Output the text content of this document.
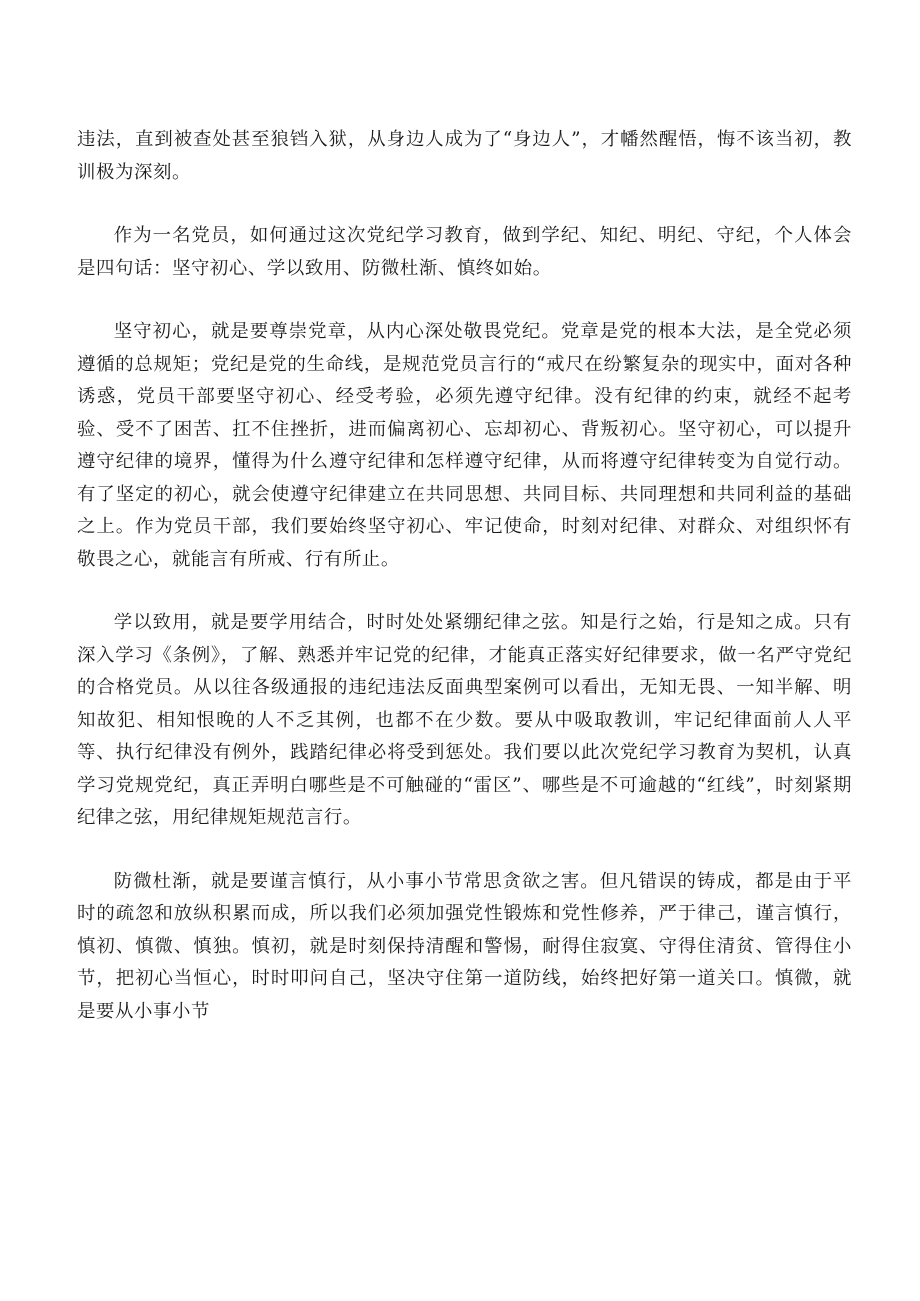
违法，直到被查处甚至狼铛入狱，从身边人成为了“身边人”，才幡然醒悟，悔不该当初，教训极为深刻。

作为一名党员，如何通过这次党纪学习教育，做到学纪、知纪、明纪、守纪，个人体会是四句话：坚守初心、学以致用、防微杜渐、慎终如始。

坚守初心，就是要尊崇党章，从内心深处敬畏党纪。党章是党的根本大法，是全党必须遵循的总规矩；党纪是党的生命线，是规范党员言行的“戒尺在纷繁复杂的现实中，面对各种诱惑，党员干部要坚守初心、经受考验，必须先遵守纪律。没有纪律的约束，就经不起考验、受不了困苦、扛不住挫折，进而偏离初心、忘却初心、背叛初心。坚守初心，可以提升遵守纪律的境界，懂得为什么遵守纪律和怎样遵守纪律，从而将遵守纪律转变为自觉行动。有了坚定的初心，就会使遵守纪律建立在共同思想、共同目标、共同理想和共同利益的基础之上。作为党员干部，我们要始终坚守初心、牢记使命，时刻对纪律、对群众、对组织怀有敬畏之心，就能言有所戒、行有所止。

学以致用，就是要学用结合，时时处处紧绷纪律之弦。知是行之始，行是知之成。只有深入学习《条例》，了解、熟悉并牢记党的纪律，才能真正落实好纪律要求，做一名严守党纪的合格党员。从以往各级通报的违纪违法反面典型案例可以看出，无知无畏、一知半解、明知故犯、相知恨晚的人不乏其例，也都不在少数。要从中吸取教训，牢记纪律面前人人平等、执行纪律没有例外，践踏纪律必将受到惩处。我们要以此次党纪学习教育为契机，认真学习党规党纪，真正弄明白哪些是不可触碰的“雷区”、哪些是不可逾越的“红线”，时刻紧期纪律之弦，用纪律规矩规范言行。

防微杜渐，就是要谨言慎行，从小事小节常思贪欲之害。但凡错误的铸成，都是由于平时的疏忽和放纵积累而成，所以我们必须加强党性锻炼和党性修养，严于律己，谨言慎行，慎初、慎微、慎独。慎初，就是时刻保持清醒和警惕，耐得住寂寞、守得住清贫、管得住小节，把初心当恒心，时时叩问自己，坚决守住第一道防线，始终把好第一道关口。慎微，就是要从小事小节
